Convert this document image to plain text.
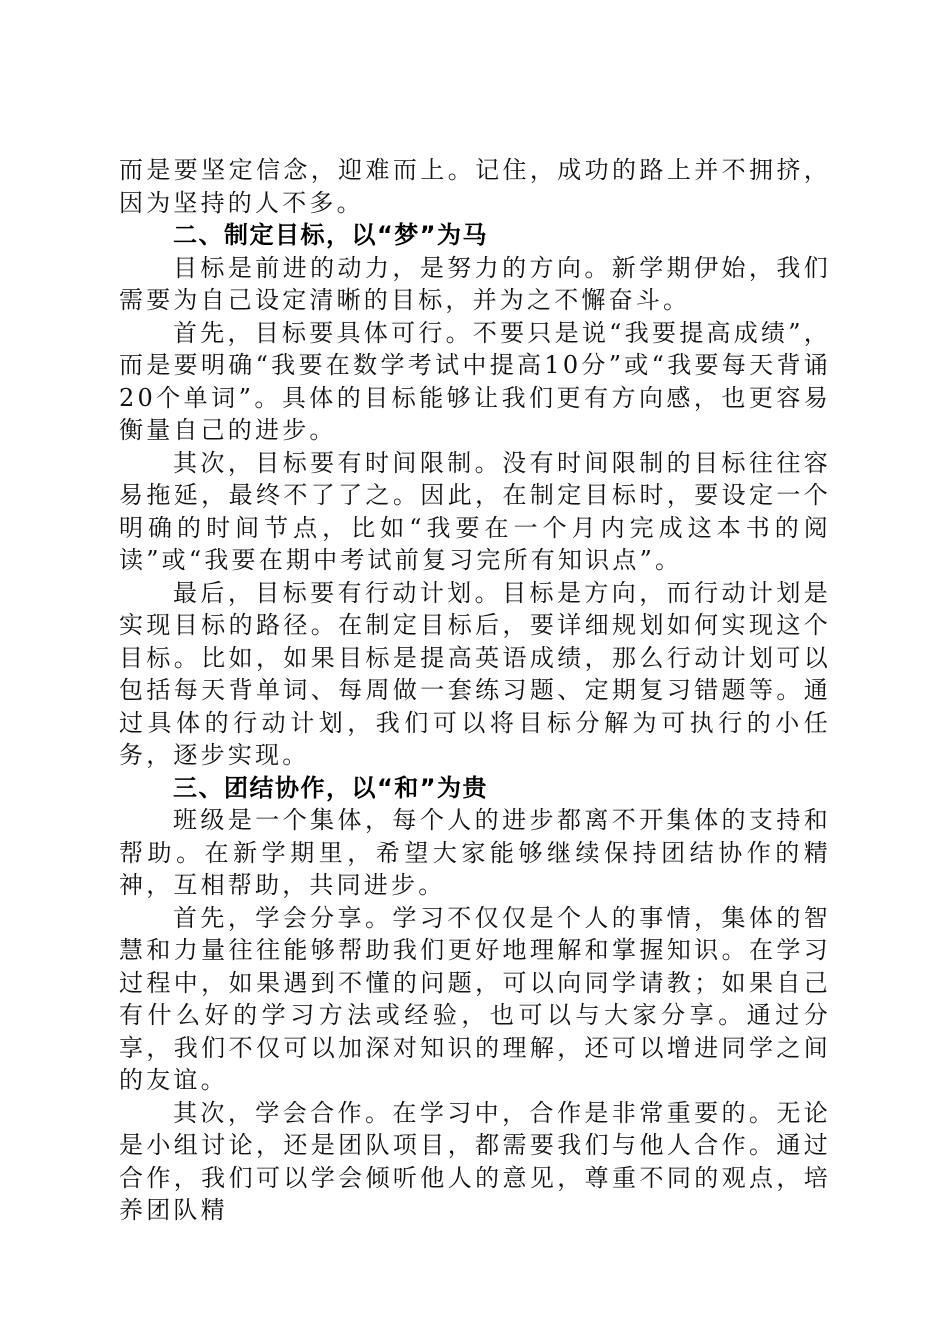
而是要坚定信念，迎难而上。记住，成功的路上并不拥挤，因为坚持的人不多。

二、制定目标，以“梦”为马

目标是前进的动力，是努力的方向。新学期伊始，我们需要为自己设定清晰的目标，并为之不懈奋斗。

首先，目标要具体可行。不要只是说“我要提高成绩”，而是要明确“我要在数学考试中提高10分”或“我要每天背诵20个单词”。具体的目标能够让我们更有方向感，也更容易衡量自己的进步。

其次，目标要有时间限制。没有时间限制的目标往往容易拖延，最终不了了之。因此，在制定目标时，要设定一个明确的时间节点，比如“我要在一个月内完成这本书的阅读”或“我要在期中考试前复习完所有知识点”。

最后，目标要有行动计划。目标是方向，而行动计划是实现目标的路径。在制定目标后，要详细规划如何实现这个目标。比如，如果目标是提高英语成绩，那么行动计划可以包括每天背单词、每周做一套练习题、定期复习错题等。通过具体的行动计划，我们可以将目标分解为可执行的小任务，逐步实现。

三、团结协作，以“和”为贵

班级是一个集体，每个人的进步都离不开集体的支持和帮助。在新学期里，希望大家能够继续保持团结协作的精神，互相帮助，共同进步。

首先，学会分享。学习不仅仅是个人的事情，集体的智慧和力量往往能够帮助我们更好地理解和掌握知识。在学习过程中，如果遇到不懂的问题，可以向同学请教；如果自己有什么好的学习方法或经验，也可以与大家分享。通过分享，我们不仅可以加深对知识的理解，还可以增进同学之间的友谊。

其次，学会合作。在学习中，合作是非常重要的。无论是小组讨论，还是团队项目，都需要我们与他人合作。通过合作，我们可以学会倾听他人的意见，尊重不同的观点，培养团队精
